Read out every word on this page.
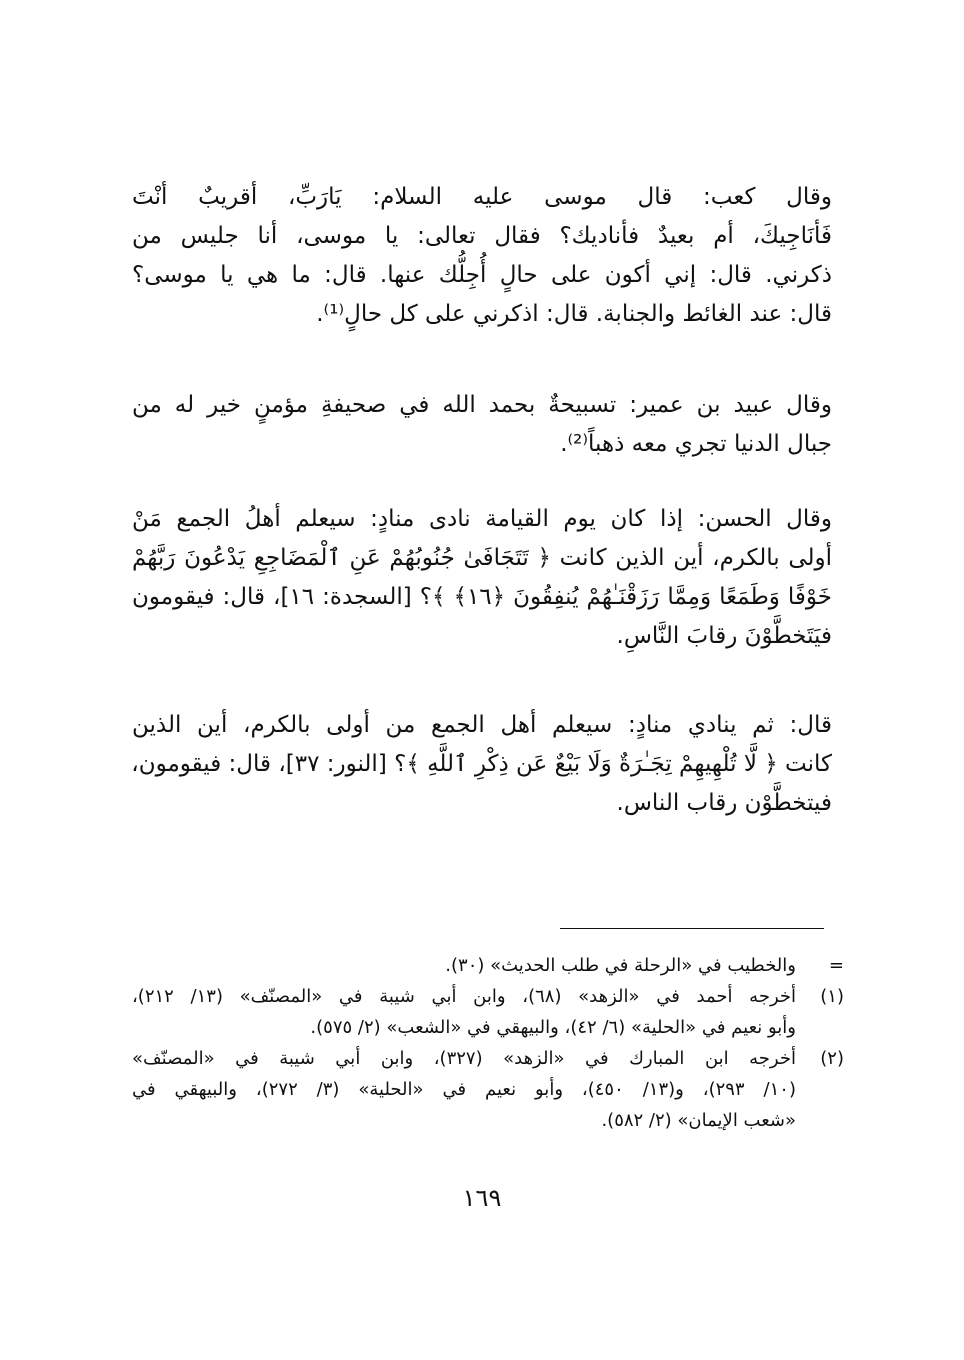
وقال كعب: قال موسى عليه السلام: يَارَبِّ، أقريبٌ أنْتَ
فَأنَاجِيكَ، أم بعيدٌ فأناديك؟ فقال تعالى: يا موسى، أنا جليس من
ذكرني. قال: إني أكون على حالٍ أُجِلُّك عنها. قال: ما هي يا موسى؟
قال: عند الغائط والجنابة. قال: اذكرني على كل حالٍ⁽¹⁾.
وقال عبيد بن عمير: تسبيحةٌ بحمد الله في صحيفةِ مؤمنٍ خير له من
جبال الدنيا تجري معه ذهباً⁽²⁾.
وقال الحسن: إذا كان يوم القيامة نادى منادٍ: سيعلم أهلُ الجمع مَنْ
أولى بالكرم، أين الذين كانت ﴿ تَتَجَافَىٰ جُنُوبُهُمْ عَنِ ٱلْمَضَاجِعِ يَدْعُونَ رَبَّهُمْ
خَوْفًا وَطَمَعًا وَمِمَّا رَزَقْنَـٰهُمْ يُنفِقُونَ ﴿١٦﴾ ﴾؟ [السجدة: ١٦]، قال: فيقومون
فيَتَخطَّوْنَ رقابَ النَّاسِ.
قال: ثم ينادي منادٍ: سيعلم أهل الجمع من أولى بالكرم، أين الذين
كانت ﴿ لَّا تُلْهِيهِمْ تِجَـٰرَةٌ وَلَا بَيْعٌ عَن ذِكْرِ ٱللَّهِ ﴾؟ [النور: ٣٧]، قال: فيقومون،
فيتخطَّوْن رقاب الناس.
=
والخطيب في «الرحلة في طلب الحديث» (٣٠).
(١)
أخرجه أحمد في «الزهد» (٦٨)، وابن أبي شيبة في «المصنّف» (١٣/ ٢١٢)،
وأبو نعيم في «الحلية» (٦/ ٤٢)، والبيهقي في «الشعب» (٢/ ٥٧٥).
(٢)
أخرجه ابن المبارك في «الزهد» (٣٢٧)، وابن أبي شيبة في «المصنّف»
(١٠/ ٢٩٣)، و(١٣/ ٤٥٠)، وأبو نعيم في «الحلية» (٣/ ٢٧٢)، والبيهقي في
«شعب الإيمان» (٢/ ٥٨٢).
١٦٩
